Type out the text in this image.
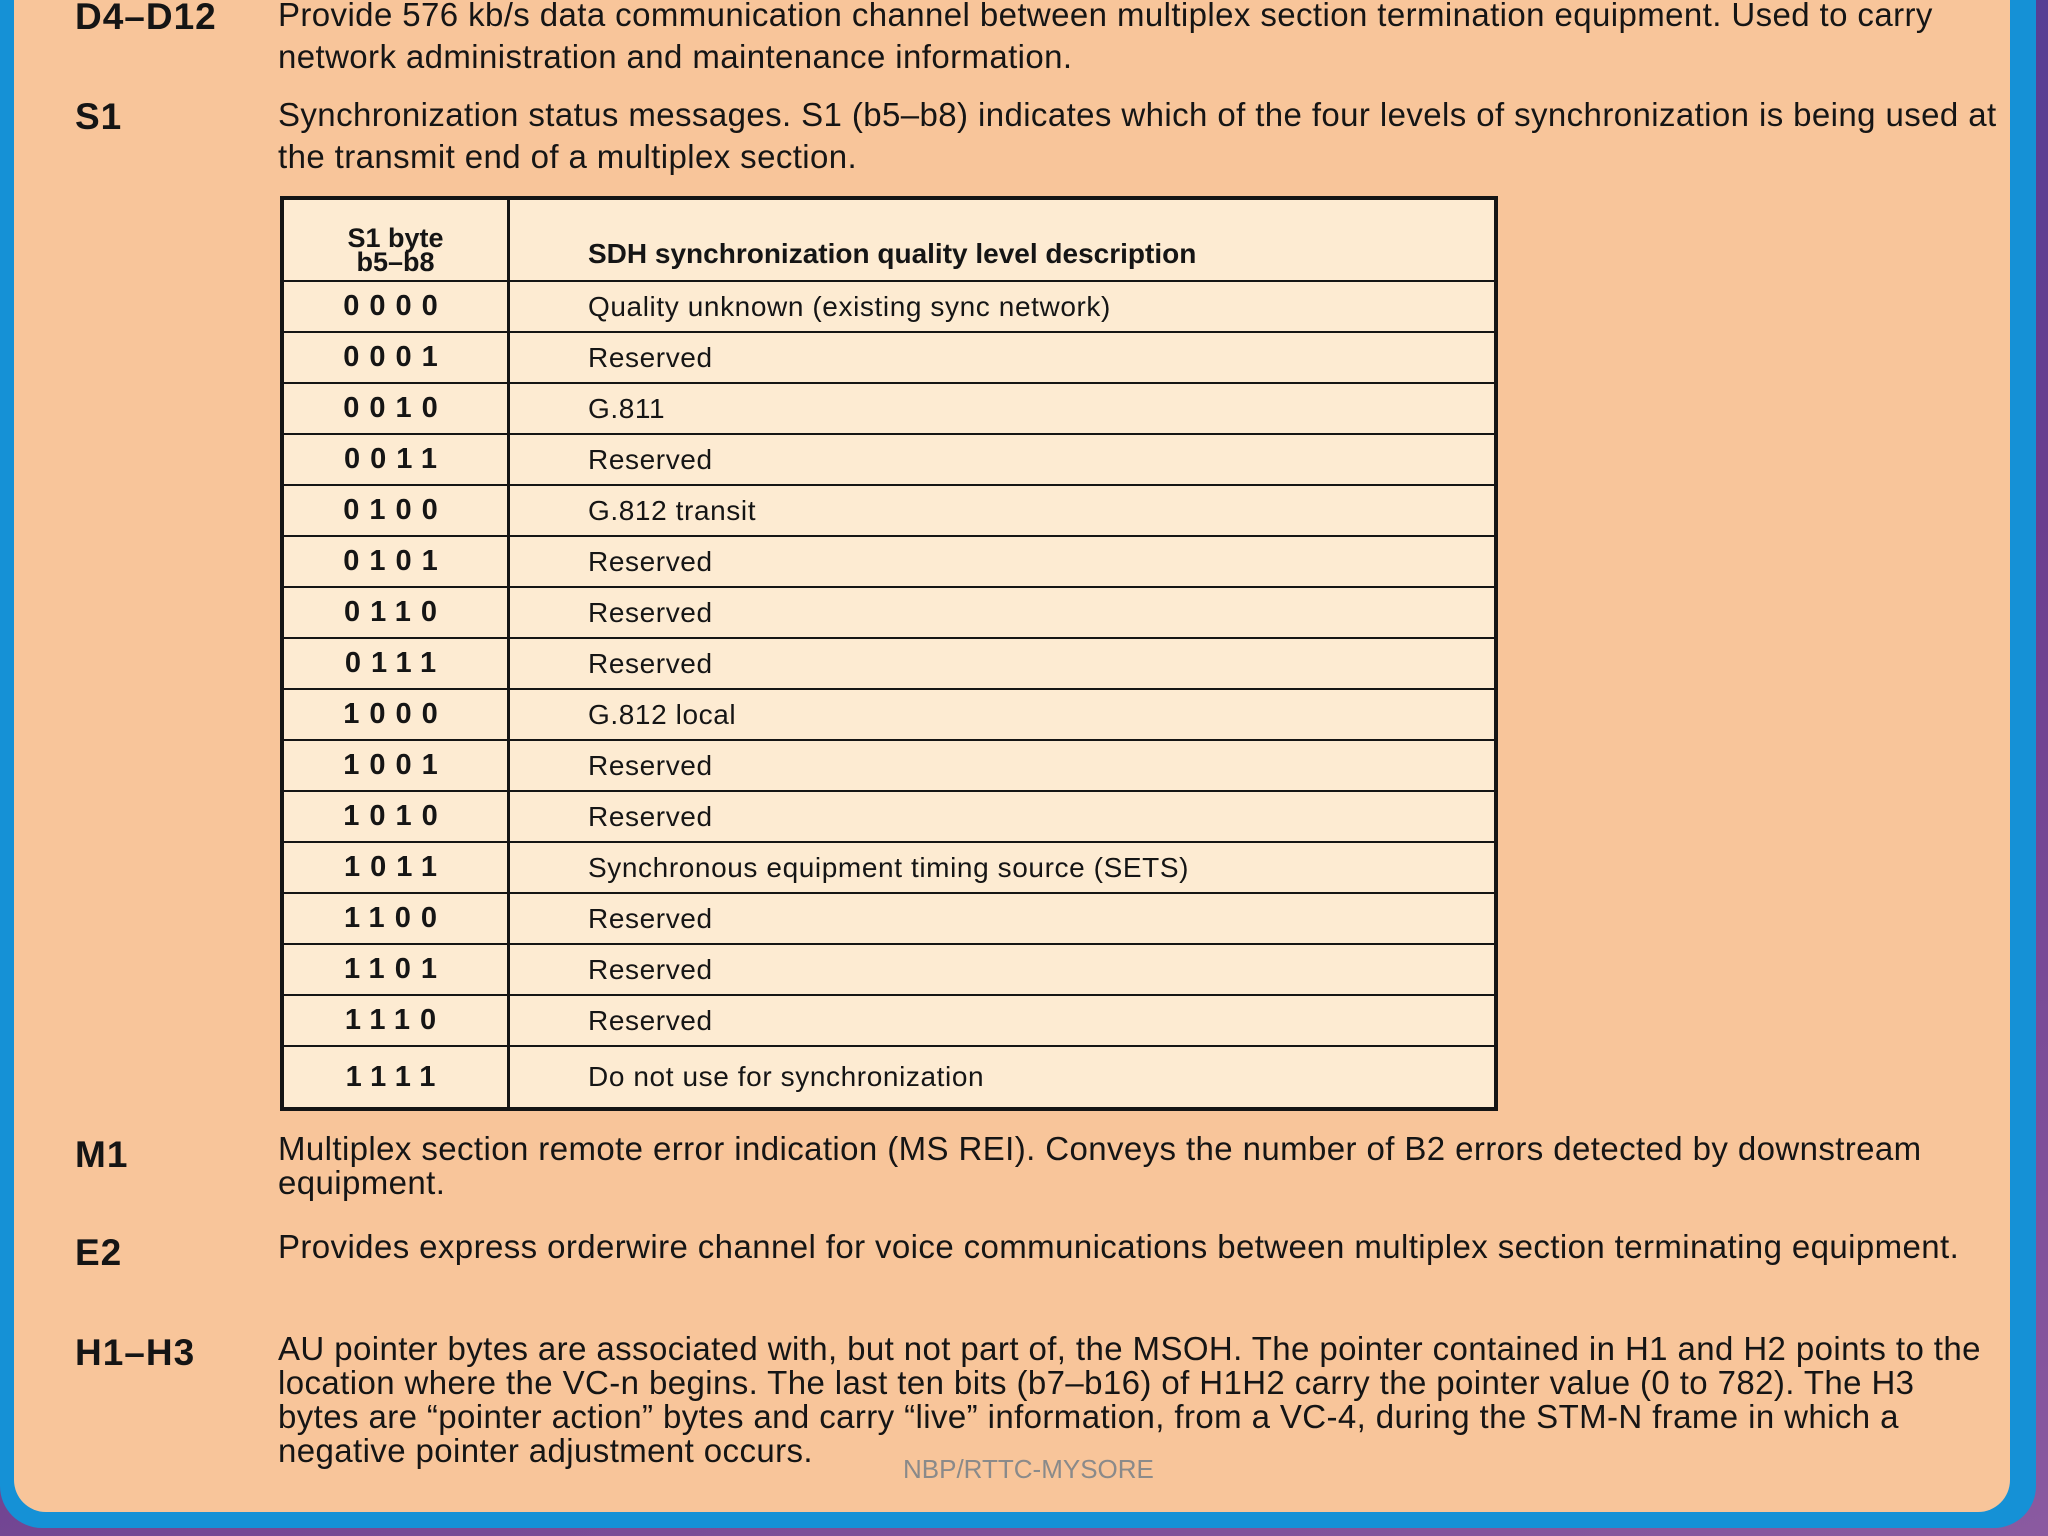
D4–D12 Provide 576 kb/s data communication channel between multiplex section termination equipment. Used to carry network administration and maintenance information.
S1	Synchronization status messages. S1 (b5–b8) indicates which of the four levels of synchronization is being used at the transmit end of a multiplex section.
S1 byte
b5–b8	SDH synchronization quality level description
0000	Quality unknown (existing sync network)
0001	Reserved
0010	G.811
0011	Reserved
0100	G.812 transit
0101	Reserved
0110	Reserved
0111	Reserved
1000	G.812 local
1001	Reserved
1010	Reserved
1011	Synchronous equipment timing source (SETS)
1100	Reserved
1101	Reserved
1110	Reserved
1111	Do not use for synchronization
M1	Multiplex section remote error indication (MS REI). Conveys the number of B2 errors detected by downstream equipment.
E2	Provides express orderwire channel for voice communications between multiplex section terminating equipment.
H1–H3	AU pointer bytes are associated with, but not part of, the MSOH. The pointer contained in H1 and H2 points to the location where the VC-n begins. The last ten bits (b7–b16) of H1H2 carry the pointer value (0 to 782). The H3 bytes are “pointer action” bytes and carry “live” information, from a VC-4, during the STM-N frame in which a negative pointer adjustment occurs.	NBP/RTTC-MYSORE
